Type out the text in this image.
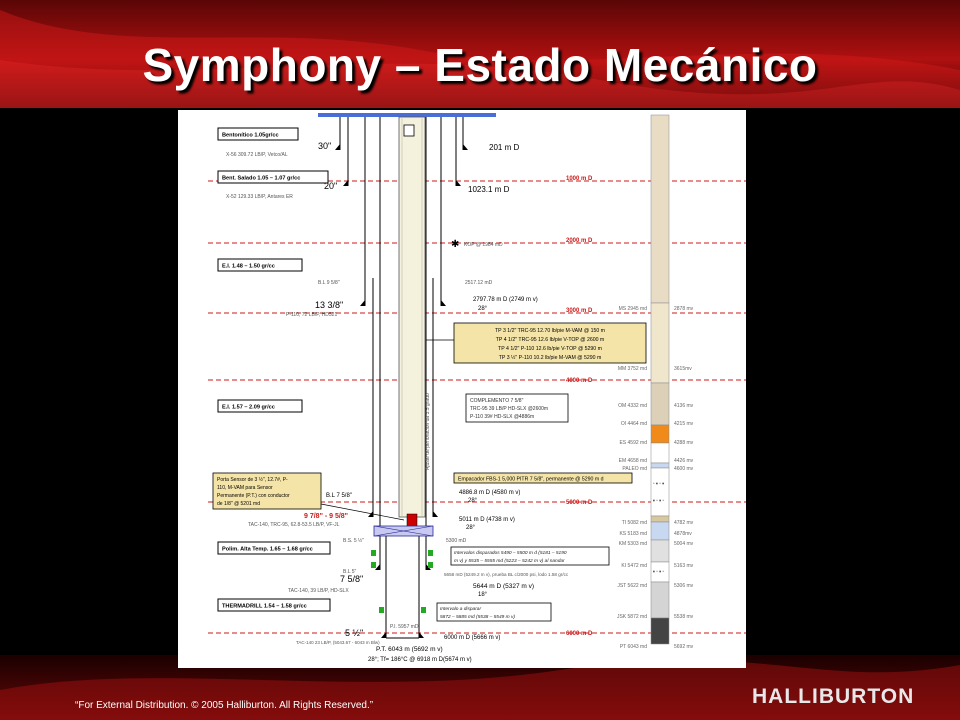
Symphony – Estado Mecánico
1000 m D
2000 m D
3000 m D
4000 m D
5000 m D
6000 m D
Bentonítico 1.05gr/cc
Bent. Salado 1.05 – 1.07 gr/cc
E.I. 1.48 – 1.50 gr/cc
E.I. 1.57 – 2.09 gr/cc
Polim. Alta Temp. 1.65 – 1.68 gr/cc
THERMADRILL 1.54 – 1.58 gr/cc
✱
30"	201 m D
X-56 309.72 LB/P, Vetco/AL
20"	1023.1 m D
X-52 129.33 LB/P, Antares ER
13 3/8"	2797.78 m D (2749 m v)
28°
P-110, 72 LB/P, HD521
9 7/8" - 9 5/8"
TAC-140, TRC-95, 62.8-53.5 LB/P, VF-JL
7 5/8"
5644 m D (5327 m v)
18°
TAC-140, 39 LB/P, HD-SLX
5 ½"
TAC-140 23 LB/P, (5043.67 - 6043 m Blw)
KOP @ 1984 mD
B.L 9 5/8"	2517.12 mD
B.L 7 5/8"	4886.8 m D (4580 m v)
28°
5011 m D (4738 m v)
28°
B.S. 5 ½"	5300 mD
B.L 5"	5658 mD (5249.2 m v), prueba BL c/2000 psi, lodo 1.58 gr/cc
P.I. 5957 mD
6000 m D (5666 m v)
P.T. 6043 m (5692 m v)
28°; Tf= 186°C @ 6918 m D(5674 m v)
Ajuste de perforación da 3.5 grado
TP 3 1/2" TRC-95 12.70 lb/pie M-VAM @ 150 m
TP 4 1/2" TRC-95 12.6 lb/pie V-TOP @ 2600 m
TP 4 1/2" P-110 12.6 lb/pie V-TOP @ 5290 m
TP 3 ½" P-110 10.2 lb/pie M-VAM @ 5290 m
COMPLEMENTO 7 5/8"
TRC-95 39 LB/P HD-SLX @2600m
P-110 39# HD-SLX @4886m
Empacador FBS-1 5,000 PITR 7 5/8", permanente @ 5290 m d
Porta Sensor de 3 ½", 12.7#, P-
110, M-VAM para Sensor
Permanente (P.T.) con conductor
de 1/8" @ 5201 md
Intervalos disparados 5490 – 5500 m d (5181 – 5190
m v) y 5535 – 5555 md (5223 – 5242 m v) al nandar
Intervalo a disparar
5872 – 5885 md (5538 – 5549 m v)
· ▪ · ▪
▪ · ▪ ·
▪ · ▪ ·
MS 2945 md	2878 mv
MM 3752 md	3615mv
OM 4332 md	4136 mv
OI 4464 md	4215 mv
ES 4592 md	4288 mv
EM 4658 md	4426 mv
PALEO md	4600 mv
TI 5082 md	4782 mv
KS 5183 md	4878mv
KM 5303 md	5004 mv
KI 5472 md	5163 mv
JST 5622 md	5306 mv
JSK 5872 md	5538 mv
PT 6043 md	5692 mv
“For External Distribution. © 2005 Halliburton. All Rights Reserved.”	HALLIBURTON
